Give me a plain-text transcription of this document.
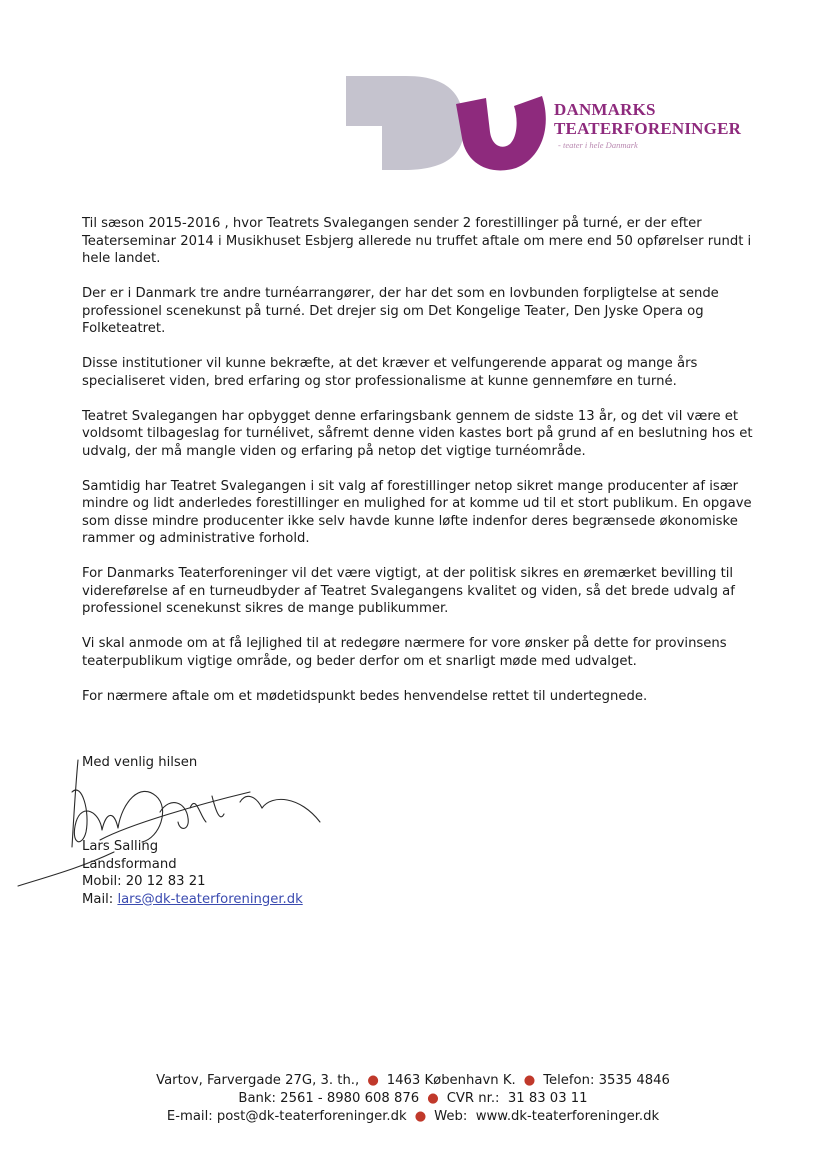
DANMARKS
TEATERFORENINGER
- teater i hele Danmark

Til sæson 2015-2016 , hvor Teatrets Svalegangen sender 2 forestillinger på turné, er der efter Teaterseminar 2014 i Musikhuset Esbjerg allerede nu truffet aftale om mere end 50 opførelser rundt i hele landet.

Der er i Danmark tre andre turnéarrangører, der har det som en lovbunden forpligtelse at sende professionel scenekunst på turné. Det drejer sig om Det Kongelige Teater, Den Jyske Opera og Folketeatret.

Disse institutioner vil kunne bekræfte, at det kræver et velfungerende apparat og mange års specialiseret viden, bred erfaring og stor professionalisme at kunne gennemføre en turné.

Teatret Svalegangen har opbygget denne erfaringsbank gennem de sidste 13 år, og det vil være et voldsomt tilbageslag for turnélivet, såfremt denne viden kastes bort på grund af en beslutning hos et udvalg, der må mangle viden og erfaring på netop det vigtige turnéområde.

Samtidig har Teatret Svalegangen i sit valg af forestillinger netop sikret mange producenter af især mindre og lidt anderledes forestillinger en mulighed for at komme ud til et stort publikum. En opgave som disse mindre producenter ikke selv havde kunne løfte indenfor deres begrænsede økonomiske rammer og administrative forhold.

For Danmarks Teaterforeninger vil det være vigtigt, at der politisk sikres en øremærket bevilling til videreførelse af en turneudbyder af Teatret Svalegangens kvalitet og viden, så det brede udvalg af professionel scenekunst sikres de mange publikummer.

Vi skal anmode om at få lejlighed til at redegøre nærmere for vore ønsker på dette for provinsens teaterpublikum vigtige område, og beder derfor om et snarligt møde med udvalget.

For nærmere aftale om et mødetidspunkt bedes henvendelse rettet til undertegnede.

Med venlig hilsen
Lars Salling
Landsformand
Mobil: 20 12 83 21
Mail: lars@dk-teaterforeninger.dk
Vartov, Farvergade 27G, 3. th., ● 1463 København K. ● Telefon: 3535 4846
Bank: 2561 - 8980 608 876 ● CVR nr.:  31 83 03 11
E-mail: post@dk-teaterforeninger.dk ● Web:  www.dk-teaterforeninger.dk
